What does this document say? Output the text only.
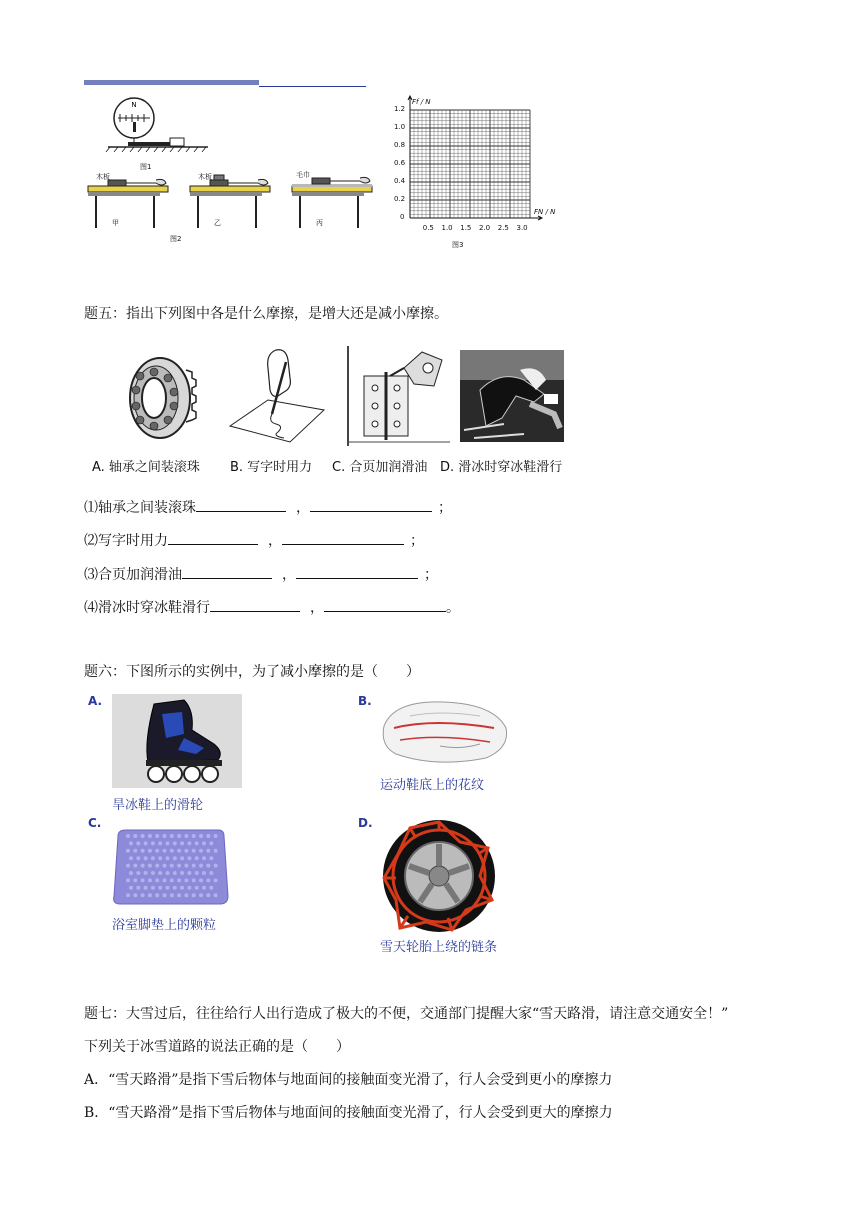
N
图1
木板	木板	毛巾
甲	乙	丙
图2
Ff / N
FN / N
1.2
1.0
0.8
0.6
0.4
0.2
0
0.5 1.0 1.5 2.0 2.5 3.0
图3
题五：指出下列图中各是什么摩擦，是增大还是减小摩擦。
A. 轴承之间装滚珠 B. 写字时用力 C. 合页加润滑油 D. 滑冰时穿冰鞋滑行
⑴轴承之间装滚珠	，	；
⑵写字时用力	，	；
⑶合页加润滑油	，	；
⑷滑冰时穿冰鞋滑行	，	。
题六：下图所示的实例中，为了减小摩擦的是（　　）
A.
旱冰鞋上的滑轮
B.
运动鞋底上的花纹
C.
浴室脚垫上的颗粒
D.
雪天轮胎上绕的链条
题七：大雪过后，往往给行人出行造成了极大的不便，交通部门提醒大家“雪天路滑，请注意交通安全！”
下列关于冰雪道路的说法正确的是（　　）
A．“雪天路滑”是指下雪后物体与地面间的接触面变光滑了，行人会受到更小的摩擦力
B．“雪天路滑”是指下雪后物体与地面间的接触面变光滑了，行人会受到更大的摩擦力
